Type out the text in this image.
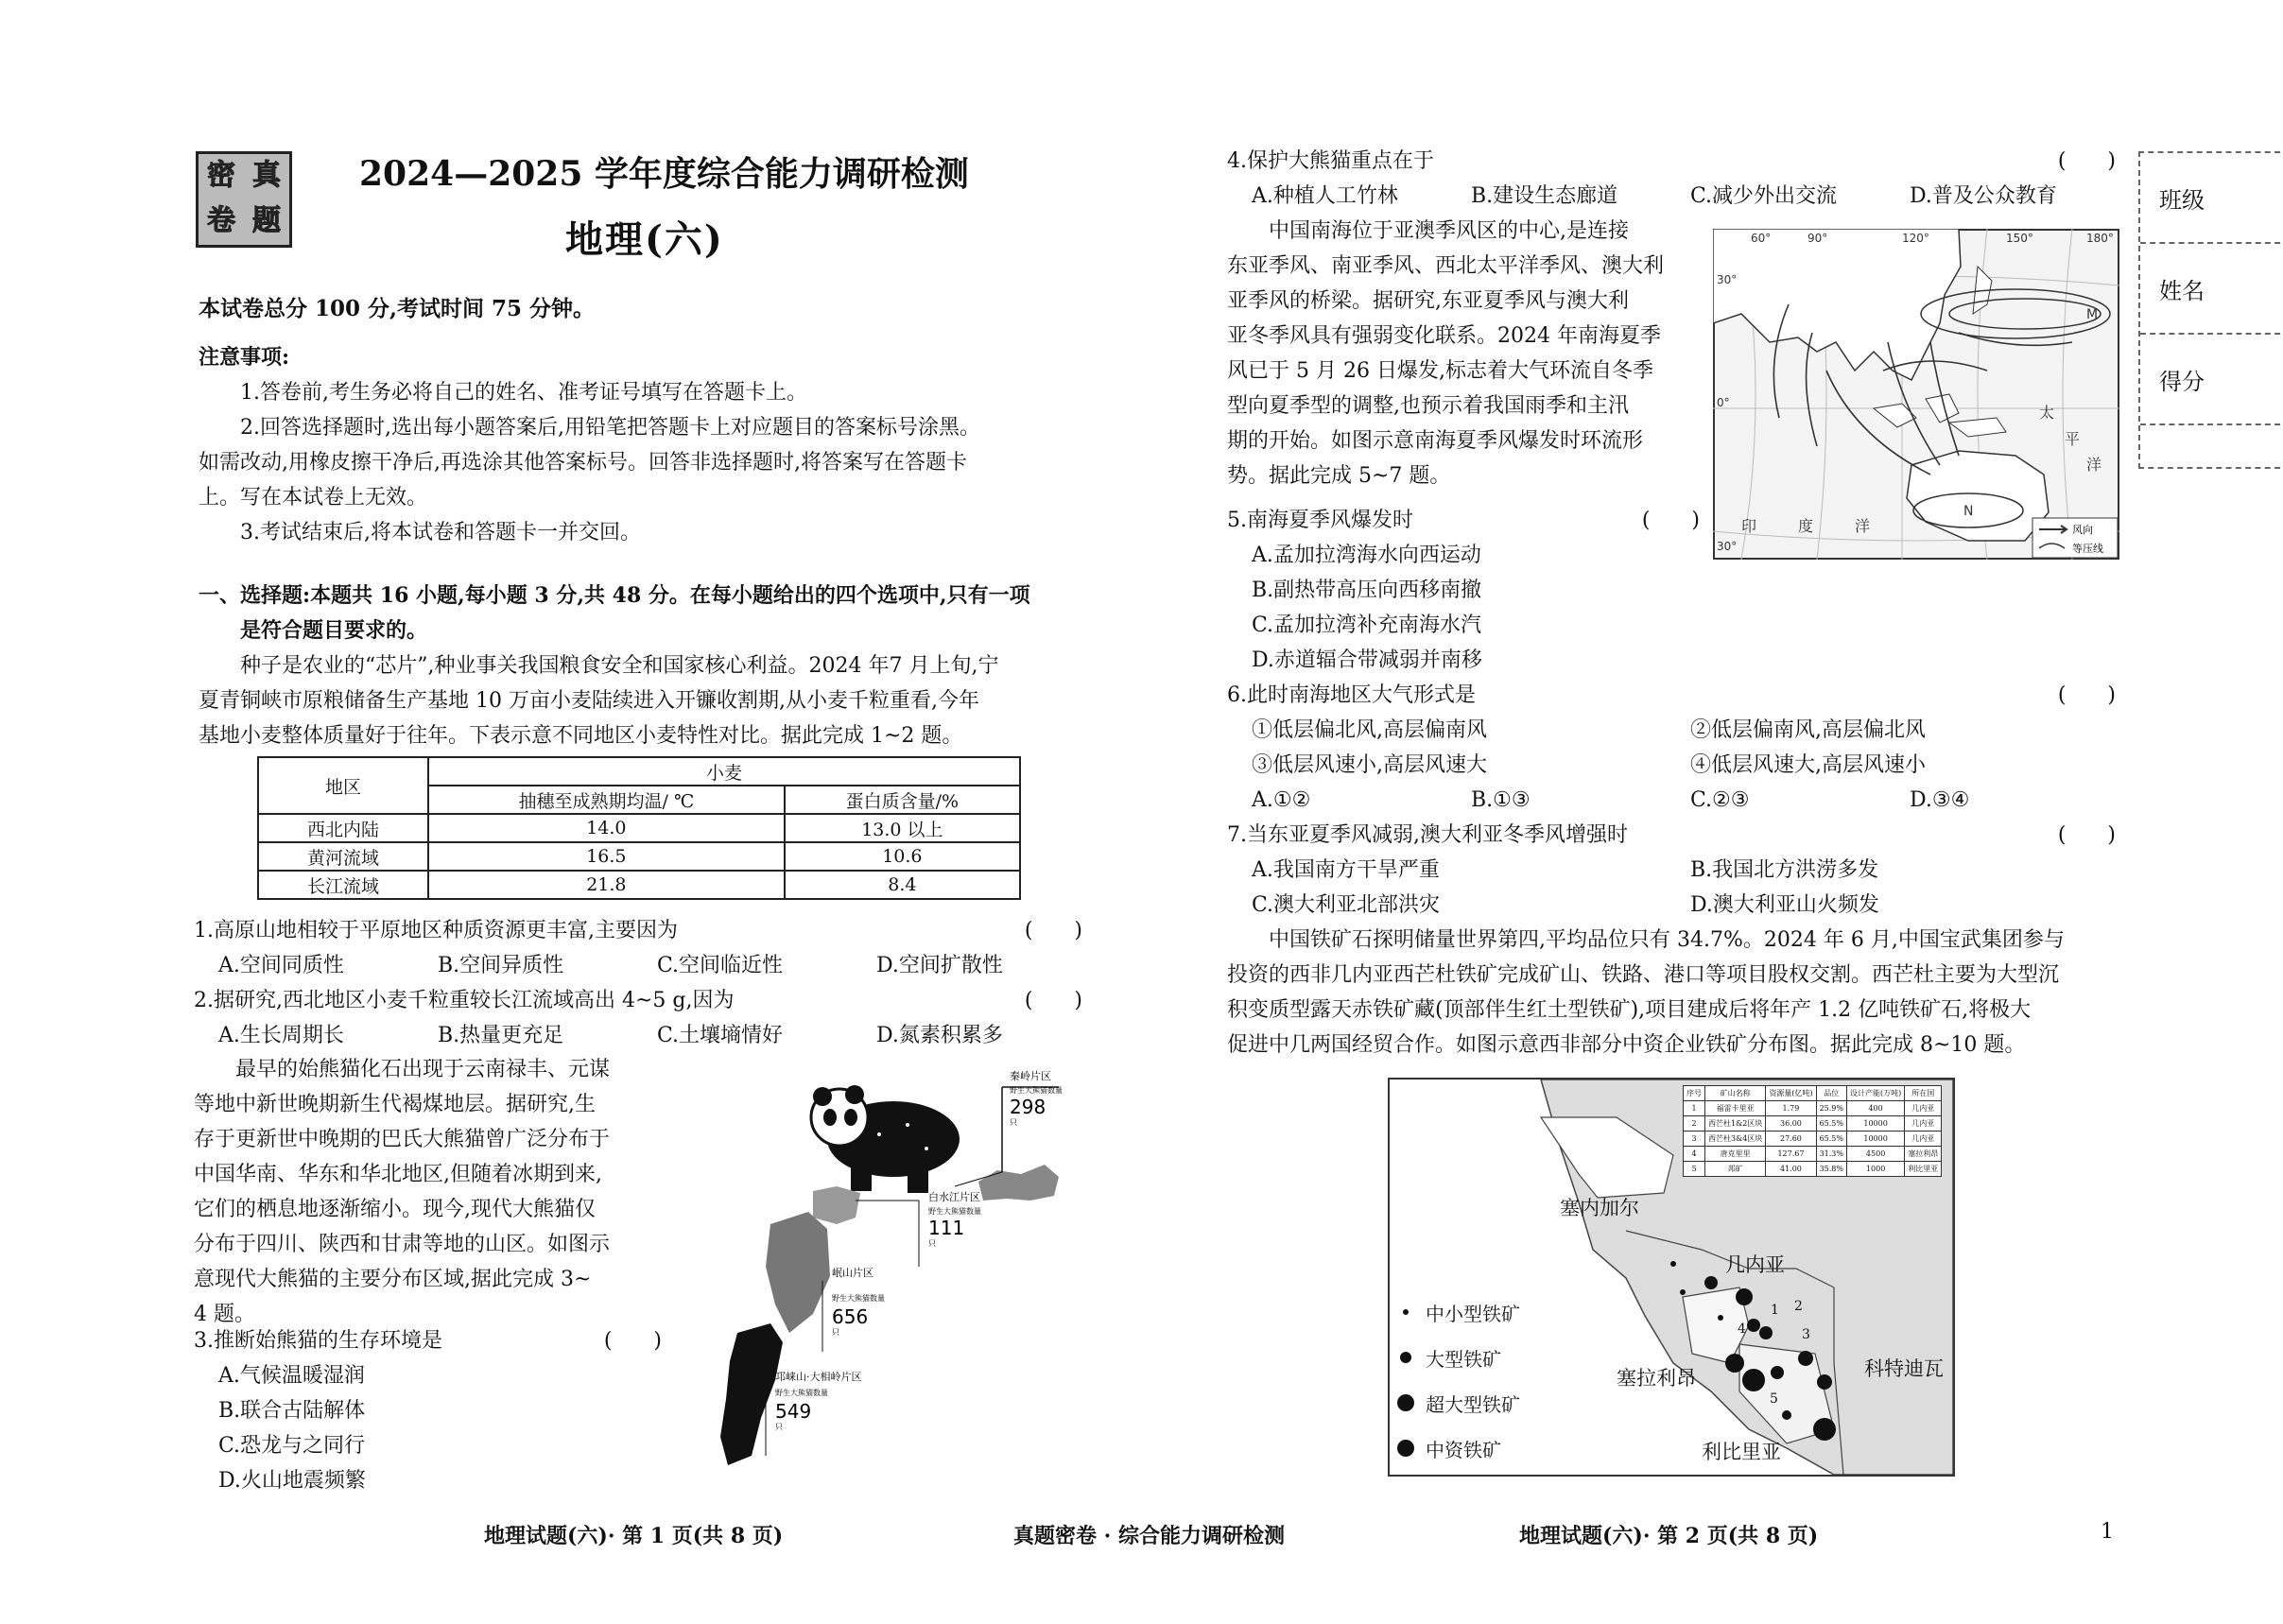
密 真
卷 题
2024—2025 学年度综合能力调研检测
地理(六)
本试卷总分 100 分,考试时间 75 分钟。
注意事项:
1.答卷前,考生务必将自己的姓名、准考证号填写在答题卡上。
2.回答选择题时,选出每小题答案后,用铅笔把答题卡上对应题目的答案标号涂黑。
如需改动,用橡皮擦干净后,再选涂其他答案标号。回答非选择题时,将答案写在答题卡
上。写在本试卷上无效。
3.考试结束后,将本试卷和答题卡一并交回。
一、选择题:本题共 16 小题,每小题 3 分,共 48 分。在每小题给出的四个选项中,只有一项
是符合题目要求的。
种子是农业的“芯片”,种业事关我国粮食安全和国家核心利益。2024 年7 月上旬,宁
夏青铜峡市原粮储备生产基地 10 万亩小麦陆续进入开镰收割期,从小麦千粒重看,今年
基地小麦整体质量好于往年。下表示意不同地区小麦特性对比。据此完成 1~2 题。
地区	小麦	
	抽穗至成熟期均温/ ℃	蛋白质含量/%
西北内陆	14.0	13.0 以上
黄河流域	16.5	10.6
长江流域	21.8	8.4
1.高原山地相较于平原地区种质资源更丰富,主要因为	(　　)
A.空间同质性	B.空间异质性	C.空间临近性	D.空间扩散性
2.据研究,西北地区小麦千粒重较长江流域高出 4~5 g,因为	(　　)
A.生长周期长	B.热量更充足	C.土壤墒情好	D.氮素积累多
最早的始熊猫化石出现于云南禄丰、元谋
等地中新世晚期新生代褐煤地层。据研究,生
存于更新世中晚期的巴氏大熊猫曾广泛分布于
中国华南、华东和华北地区,但随着冰期到来,
它们的栖息地逐渐缩小。现今,现代大熊猫仅
分布于四川、陕西和甘肃等地的山区。如图示
意现代大熊猫的主要分布区域,据此完成 3~
4 题。
秦岭片区
野生大熊猫数量
298
只
白水江片区
野生大熊猫数量
111
只
岷山片区
野生大熊猫数量
656
只
邛崃山·大相岭片区
野生大熊猫数量
549
只
3.推断始熊猫的生存环境是	(　　)
A.气候温暖湿润
B.联合古陆解体
C.恐龙与之同行
D.火山地震频繁
4.保护大熊猫重点在于	(　　)
A.种植人工竹林	B.建设生态廊道	C.减少外出交流	D.普及公众教育
中国南海位于亚澳季风区的中心,是连接
东亚季风、南亚季风、西北太平洋季风、澳大利
亚季风的桥梁。据研究,东亚夏季风与澳大利
亚冬季风具有强弱变化联系。2024 年南海夏季
风已于 5 月 26 日爆发,标志着大气环流自冬季
型向夏季型的调整,也预示着我国雨季和主汛
期的开始。如图示意南海夏季风爆发时环流形
势。据此完成 5~7 题。
60°	90°	120°	150°	180°
30°
0°
30°
M
N
太
平
洋
印	度	洋	风向
等压线
5.南海夏季风爆发时	(　　)
A.孟加拉湾海水向西运动
B.副热带高压向西移南撤
C.孟加拉湾补充南海水汽
D.赤道辐合带减弱并南移
6.此时南海地区大气形式是	(　　)
①低层偏北风,高层偏南风	②低层偏南风,高层偏北风
③低层风速小,高层风速大	④低层风速大,高层风速小
A.①②	B.①③	C.②③	D.③④
7.当东亚夏季风减弱,澳大利亚冬季风增强时	(　　)
A.我国南方干旱严重	B.我国北方洪涝多发
C.澳大利亚北部洪灾	D.澳大利亚山火频发
中国铁矿石探明储量世界第四,平均品位只有 34.7%。2024 年 6 月,中国宝武集团参与
投资的西非几内亚西芒杜铁矿完成矿山、铁路、港口等项目股权交割。西芒杜主要为大型沉
积变质型露天赤铁矿藏(顶部伴生红土型铁矿),项目建成后将年产 1.2 亿吨铁矿石,将极大
促进中几两国经贸合作。如图示意西非部分中资企业铁矿分布图。据此完成 8~10 题。
塞内加尔
几内亚
塞拉利昂	科特迪瓦
利比里亚
1 2
3
4
5
中小型铁矿
大型铁矿
超大型铁矿
中资铁矿
序号	矿山名称	资源量(亿吨)	品位	设计产能(万吨)	所在国
1	福雷卡里亚	1.79	25.9%	400	几内亚
2	西芒杜1&2区块	36.00	65.5%	10000	几内亚
3	西芒杜3&4区块	27.60	65.5%	10000	几内亚
4	唐克里里	127.67	31.3%	4500	塞拉利昂
5	邦矿	41.00	35.8%	1000	利比里亚
班级
姓名
得分
地理试题(六)· 第 1 页(共 8 页)	真题密卷 · 综合能力调研检测	地理试题(六)· 第 2 页(共 8 页)	1
